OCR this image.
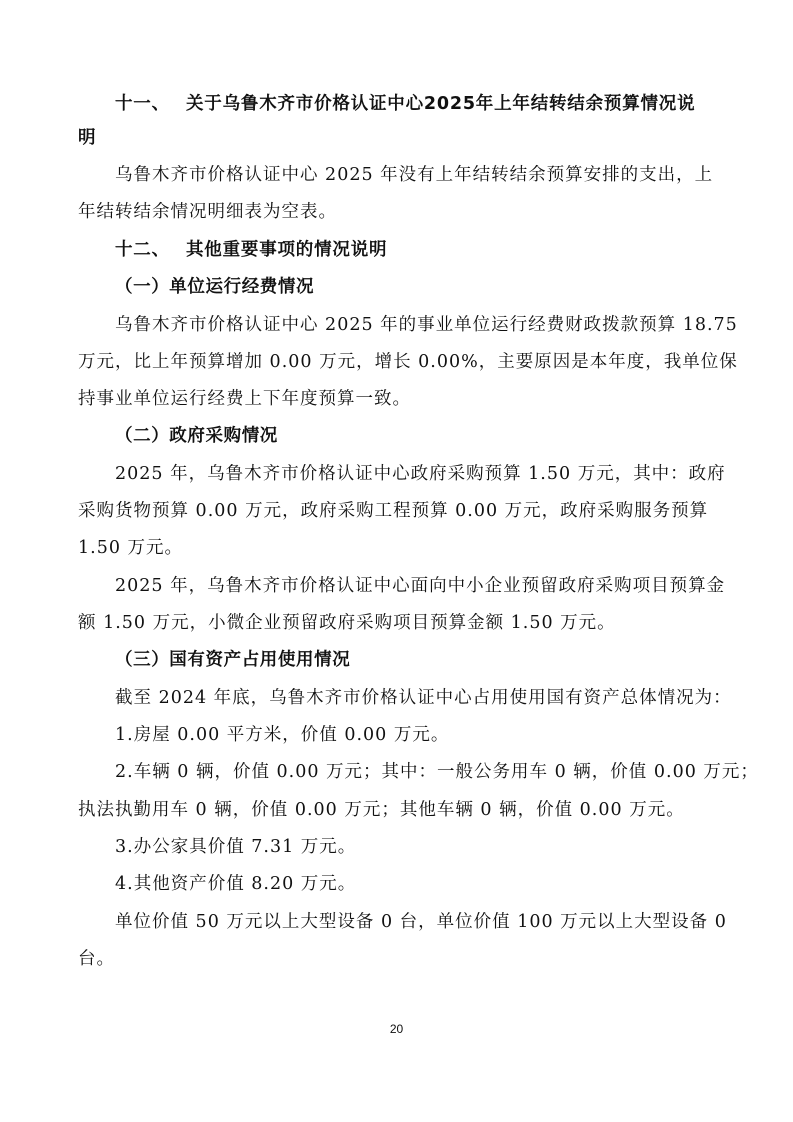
十一、 关于乌鲁木齐市价格认证中心2025年上年结转结余预算情况说
明
乌鲁木齐市价格认证中心 2025 年没有上年结转结余预算安排的支出，上
年结转结余情况明细表为空表。
十二、 其他重要事项的情况说明
（一）单位运行经费情况
乌鲁木齐市价格认证中心 2025 年的事业单位运行经费财政拨款预算 18.75
万元，比上年预算增加 0.00 万元，增长 0.00%，主要原因是本年度，我单位保
持事业单位运行经费上下年度预算一致。
（二）政府采购情况
2025 年，乌鲁木齐市价格认证中心政府采购预算 1.50 万元，其中：政府
采购货物预算 0.00 万元，政府采购工程预算 0.00 万元，政府采购服务预算
1.50 万元。
2025 年，乌鲁木齐市价格认证中心面向中小企业预留政府采购项目预算金
额 1.50 万元，小微企业预留政府采购项目预算金额 1.50 万元。
（三）国有资产占用使用情况
截至 2024 年底，乌鲁木齐市价格认证中心占用使用国有资产总体情况为：
1.房屋 0.00 平方米，价值 0.00 万元。
2.车辆 0 辆，价值 0.00 万元；其中：一般公务用车 0 辆，价值 0.00 万元；
执法执勤用车 0 辆，价值 0.00 万元；其他车辆 0 辆，价值 0.00 万元。
3.办公家具价值 7.31 万元。
4.其他资产价值 8.20 万元。
单位价值 50 万元以上大型设备 0 台，单位价值 100 万元以上大型设备 0
台。
20
